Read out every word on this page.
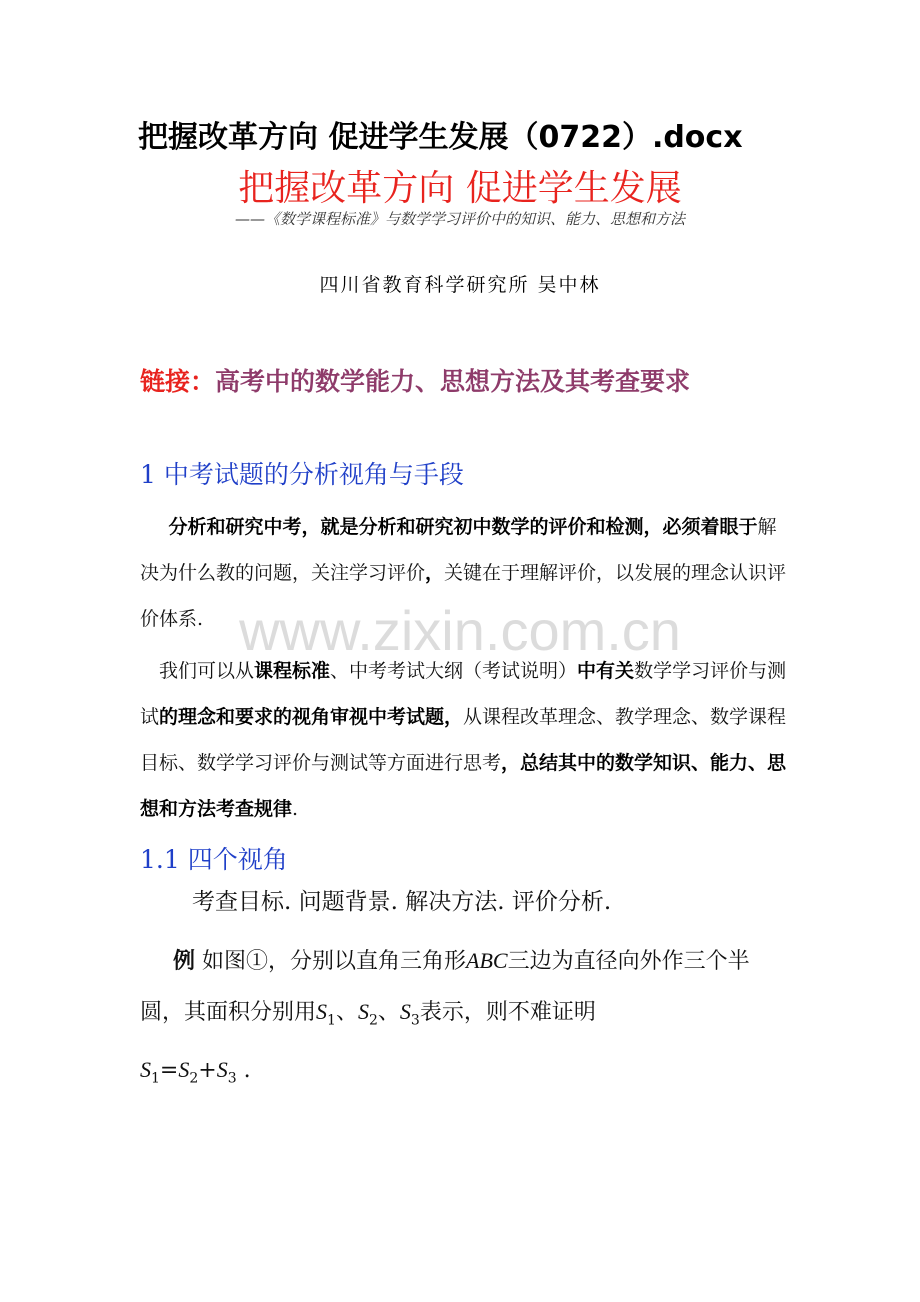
把握改革方向 促进学生发展（0722）.docx
把握改革方向 促进学生发展
——《数学课程标准》与数学学习评价中的知识、能力、思想和方法
四川省教育科学研究所 吴中林
链接：高考中的数学能力、思想方法及其考查要求
1 中考试题的分析视角与手段
  分析和研究中考，就是分析和研究初中数学的评价和检测，必须着眼于解决为什么教的问题，关注学习评价，关键在于理解评价，以发展的理念认识评价体系.
  我们可以从课程标准、中考考试大纲（考试说明）中有关数学学习评价与测试的理念和要求的视角审视中考试题，从课程改革理念、教学理念、数学课程目标、数学学习评价与测试等方面进行思考，总结其中的数学知识、能力、思想和方法考查规律.
1.1 四个视角
考查目标. 问题背景. 解决方法. 评价分析.
  例 如图①，分别以直角三角形ABC三边为直径向外作三个半圆，其面积分别用$S_1$、$S_2$、$S_3$表示，则不难证明
$S_1=S_2+S_3$ .
www.zixin.com.cn
